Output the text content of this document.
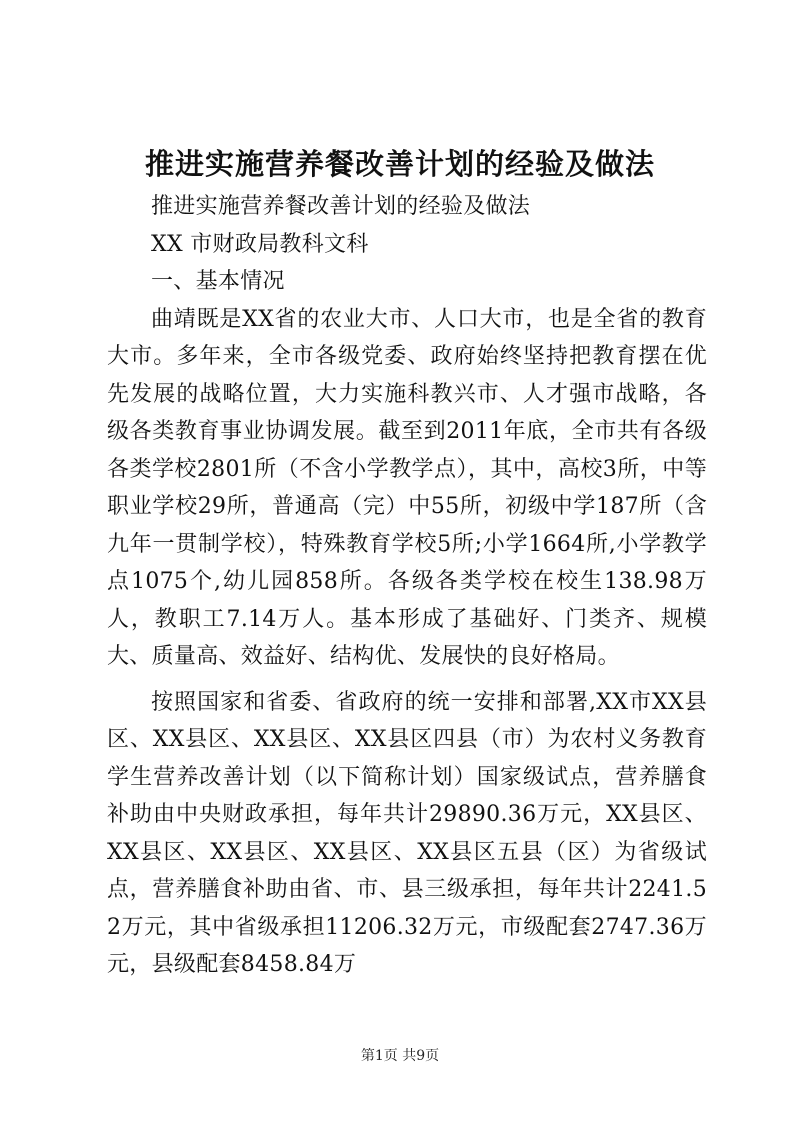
推进实施营养餐改善计划的经验及做法

推进实施营养餐改善计划的经验及做法

XX 市财政局教科文科

一、基本情况

曲靖既是XX省的农业大市、人口大市，也是全省的教育大市。多年来，全市各级党委、政府始终坚持把教育摆在优先发展的战略位置，大力实施科教兴市、人才强市战略，各级各类教育事业协调发展。截至到2011年底，全市共有各级各类学校2801所（不含小学教学点），其中，高校3所，中等职业学校29所，普通高（完）中55所，初级中学187所（含九年一贯制学校），特殊教育学校5所;小学1664所,小学教学点1075个,幼儿园858所。各级各类学校在校生138.98万人，教职工7.14万人。基本形成了基础好、门类齐、规模大、质量高、效益好、结构优、发展快的良好格局。

按照国家和省委、省政府的统一安排和部署,XX市XX县区、XX县区、XX县区、XX县区四县（市）为农村义务教育学生营养改善计划（以下简称计划）国家级试点，营养膳食补助由中央财政承担，每年共计29890.36万元，XX县区、XX县区、XX县区、XX县区、XX县区五县（区）为省级试点，营养膳食补助由省、市、县三级承担，每年共计2241.52万元，其中省级承担11206.32万元，市级配套2747.36万元，县级配套8458.84万

第1页 共9页
